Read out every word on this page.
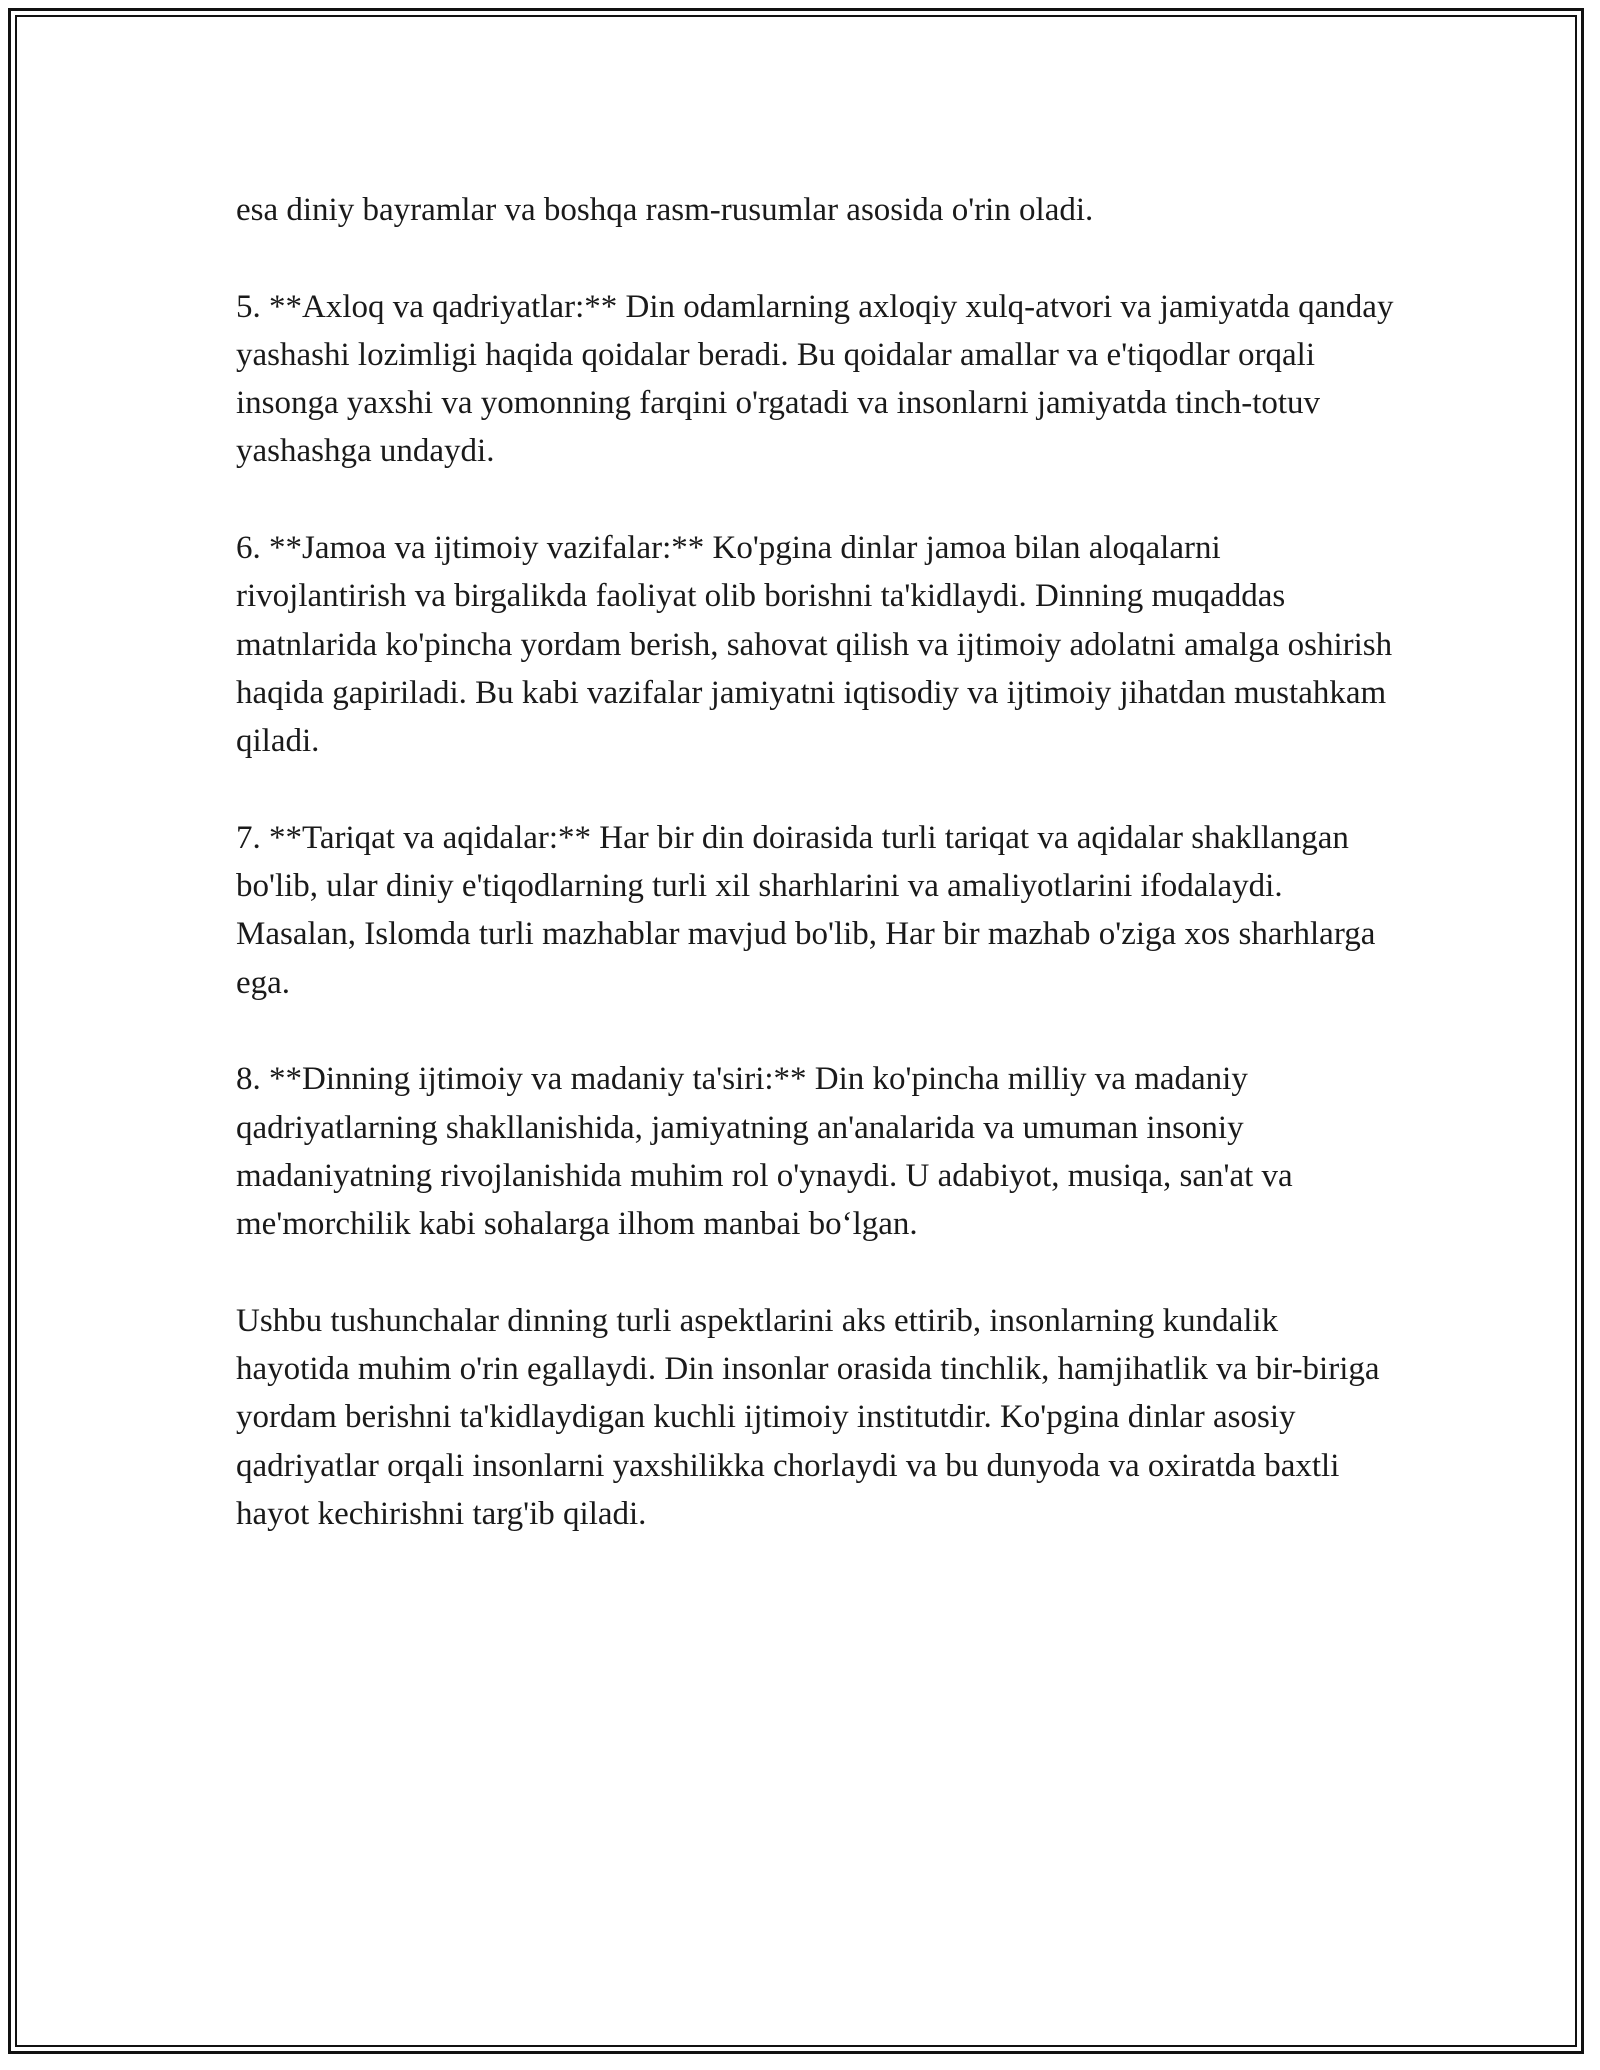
esa diniy bayramlar va boshqa rasm-rusumlar asosida o'rin oladi.

5. **Axloq va qadriyatlar:** Din odamlarning axloqiy xulq-atvori va jamiyatda qanday yashashi lozimligi haqida qoidalar beradi. Bu qoidalar amallar va e'tiqodlar orqali insonga yaxshi va yomonning farqini o'rgatadi va insonlarni jamiyatda tinch-totuv yashashga undaydi.

6. **Jamoa va ijtimoiy vazifalar:** Ko'pgina dinlar jamoa bilan aloqalarni rivojlantirish va birgalikda faoliyat olib borishni ta'kidlaydi. Dinning muqaddas matnlarida ko'pincha yordam berish, sahovat qilish va ijtimoiy adolatni amalga oshirish haqida gapiriladi. Bu kabi vazifalar jamiyatni iqtisodiy va ijtimoiy jihatdan mustahkam qiladi.

7. **Tariqat va aqidalar:** Har bir din doirasida turli tariqat va aqidalar shakllangan bo'lib, ular diniy e'tiqodlarning turli xil sharhlarini va amaliyotlarini ifodalaydi. Masalan, Islomda turli mazhablar mavjud bo'lib, Har bir mazhab o'ziga xos sharhlarga ega.

8. **Dinning ijtimoiy va madaniy ta'siri:** Din ko'pincha milliy va madaniy qadriyatlarning shakllanishida, jamiyatning an'analarida va umuman insoniy madaniyatning rivojlanishida muhim rol o'ynaydi. U adabiyot, musiqa, san'at va me'morchilik kabi sohalarga ilhom manbai bo‘lgan.

Ushbu tushunchalar dinning turli aspektlarini aks ettirib, insonlarning kundalik hayotida muhim o'rin egallaydi. Din insonlar orasida tinchlik, hamjihatlik va bir-biriga yordam berishni ta'kidlaydigan kuchli ijtimoiy institutdir. Ko'pgina dinlar asosiy qadriyatlar orqali insonlarni yaxshilikka chorlaydi va bu dunyoda va oxiratda baxtli hayot kechirishni targ'ib qiladi.
